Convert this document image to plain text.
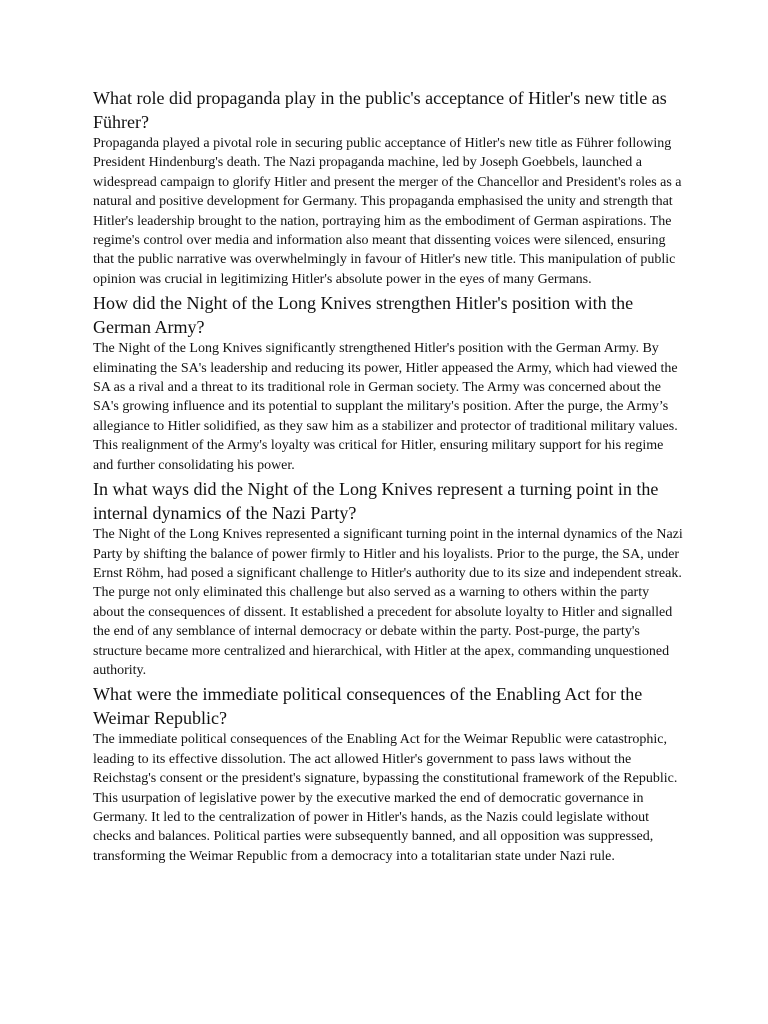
What role did propaganda play in the public's acceptance of Hitler's new title as Führer?

Propaganda played a pivotal role in securing public acceptance of Hitler's new title as Führer following President Hindenburg's death. The Nazi propaganda machine, led by Joseph Goebbels, launched a widespread campaign to glorify Hitler and present the merger of the Chancellor and President's roles as a natural and positive development for Germany. This propaganda emphasised the unity and strength that Hitler's leadership brought to the nation, portraying him as the embodiment of German aspirations. The regime's control over media and information also meant that dissenting voices were silenced, ensuring that the public narrative was overwhelmingly in favour of Hitler's new title. This manipulation of public opinion was crucial in legitimizing Hitler's absolute power in the eyes of many Germans.

How did the Night of the Long Knives strengthen Hitler's position with the German Army?

The Night of the Long Knives significantly strengthened Hitler's position with the German Army. By eliminating the SA's leadership and reducing its power, Hitler appeased the Army, which had viewed the SA as a rival and a threat to its traditional role in German society. The Army was concerned about the SA's growing influence and its potential to supplant the military's position. After the purge, the Army’s allegiance to Hitler solidified, as they saw him as a stabilizer and protector of traditional military values. This realignment of the Army's loyalty was critical for Hitler, ensuring military support for his regime and further consolidating his power.

In what ways did the Night of the Long Knives represent a turning point in the internal dynamics of the Nazi Party?

The Night of the Long Knives represented a significant turning point in the internal dynamics of the Nazi Party by shifting the balance of power firmly to Hitler and his loyalists. Prior to the purge, the SA, under Ernst Röhm, had posed a significant challenge to Hitler's authority due to its size and independent streak. The purge not only eliminated this challenge but also served as a warning to others within the party about the consequences of dissent. It established a precedent for absolute loyalty to Hitler and signalled the end of any semblance of internal democracy or debate within the party. Post-purge, the party's structure became more centralized and hierarchical, with Hitler at the apex, commanding unquestioned authority.

What were the immediate political consequences of the Enabling Act for the Weimar Republic?

The immediate political consequences of the Enabling Act for the Weimar Republic were catastrophic, leading to its effective dissolution. The act allowed Hitler's government to pass laws without the Reichstag's consent or the president's signature, bypassing the constitutional framework of the Republic. This usurpation of legislative power by the executive marked the end of democratic governance in Germany. It led to the centralization of power in Hitler's hands, as the Nazis could legislate without checks and balances. Political parties were subsequently banned, and all opposition was suppressed, transforming the Weimar Republic from a democracy into a totalitarian state under Nazi rule.
